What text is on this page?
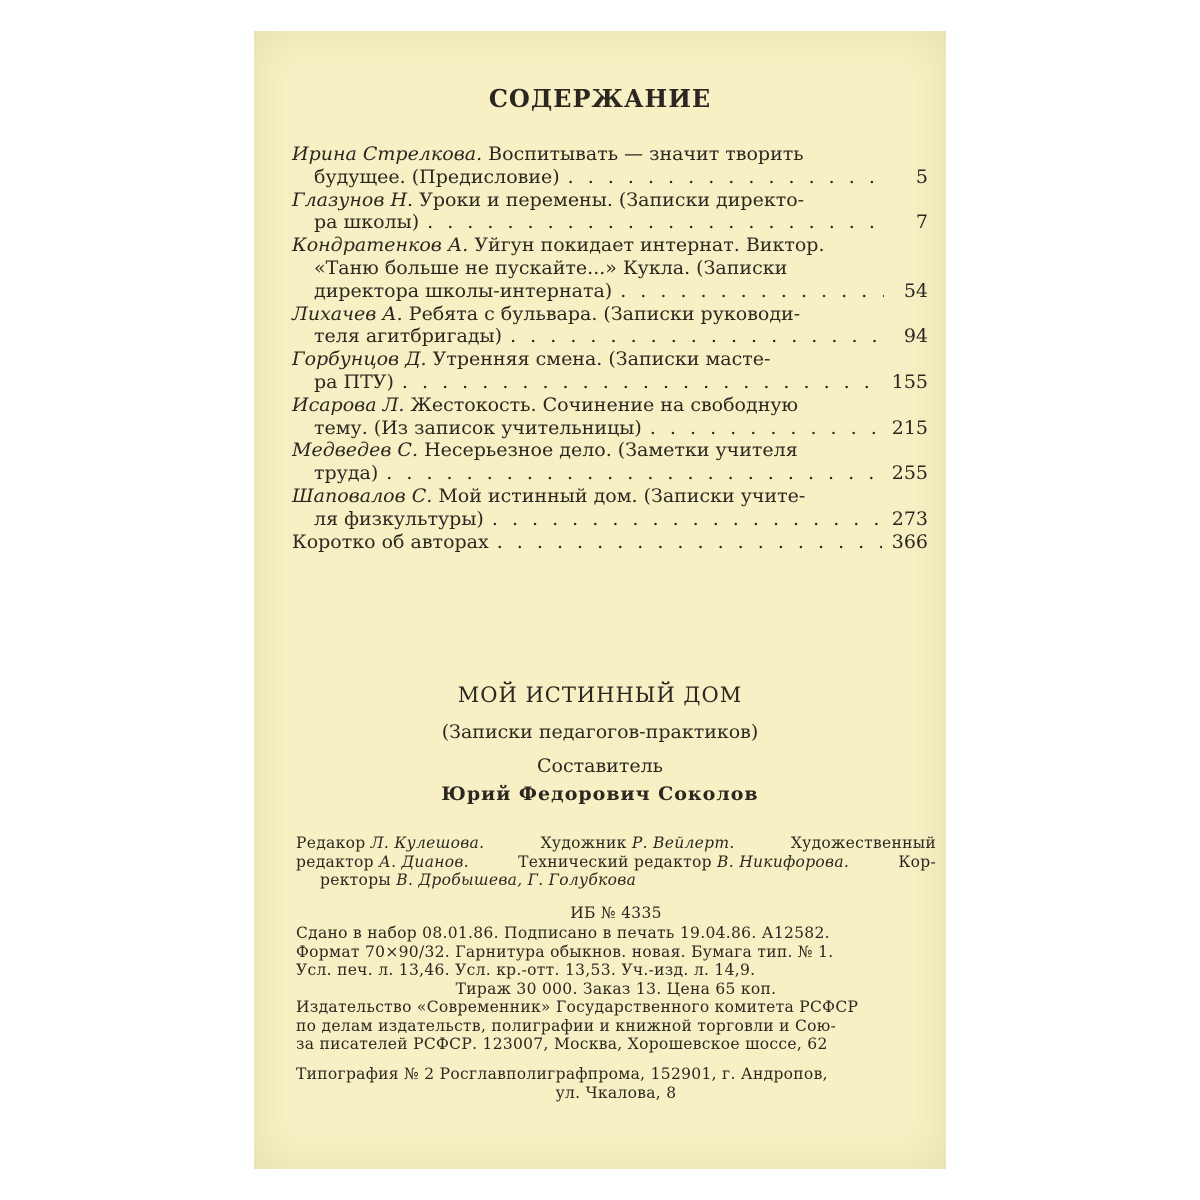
СОДЕРЖАНИЕ
Ирина Стрелкова.
Воспитывать — значит творить
будущее. (Предисловие) . . .	5
Глазунов Н.
Уроки и перемены. (Записки директо-
ра школы) . . .	7
Кондратенков А.
Уйгун покидает интернат. Виктор.
«Таню больше не пускайте...» Кукла. (Записки
директора школы-интерната) . . .	54
Лихачев А.
Ребята с бульвара. (Записки руководи-
теля агитбригады) . . .	94
Горбунцов Д.
Утренняя смена. (Записки масте-
ра ПТУ) . . .	155
Исарова Л.
Жестокость. Сочинение на свободную
тему. (Из записок учительницы) . . .	215
Медведев С.
Несерьезное дело. (Заметки учителя
труда) . . .	255
Шаповалов С.
Мой истинный дом. (Записки учите-
ля физкультуры) . . .	273
Коротко об авторах . . .	366
МОЙ ИСТИННЫЙ ДОМ
(Записки педагогов-практиков)
Составитель
Юрий Федорович Соколов
Редакор Л. Кулешова.	Художник Р. Вейлерт.	Художественный
редактор А. Дианов.	Технический редактор В. Никифорова.	Кор-
ректоры В. Дробышева, Г. Голубкова
ИБ № 4335
Сдано в набор 08.01.86. Подписано в печать 19.04.86. А12582.
Формат 70×90/32. Гарнитура обыкнов. новая. Бумага тип. № 1.
Усл. печ. л. 13,46. Усл. кр.-отт. 13,53. Уч.-изд. л. 14,9.
Тираж 30 000. Заказ 13. Цена 65 коп.
Издательство «Современник» Государственного комитета РСФСР
по делам издательств, полиграфии и книжной торговли и Сою-
за писателей РСФСР. 123007, Москва, Хорошевское шоссе, 62
Типография № 2 Росглавполиграфпрома, 152901, г. Андропов,
ул. Чкалова, 8
